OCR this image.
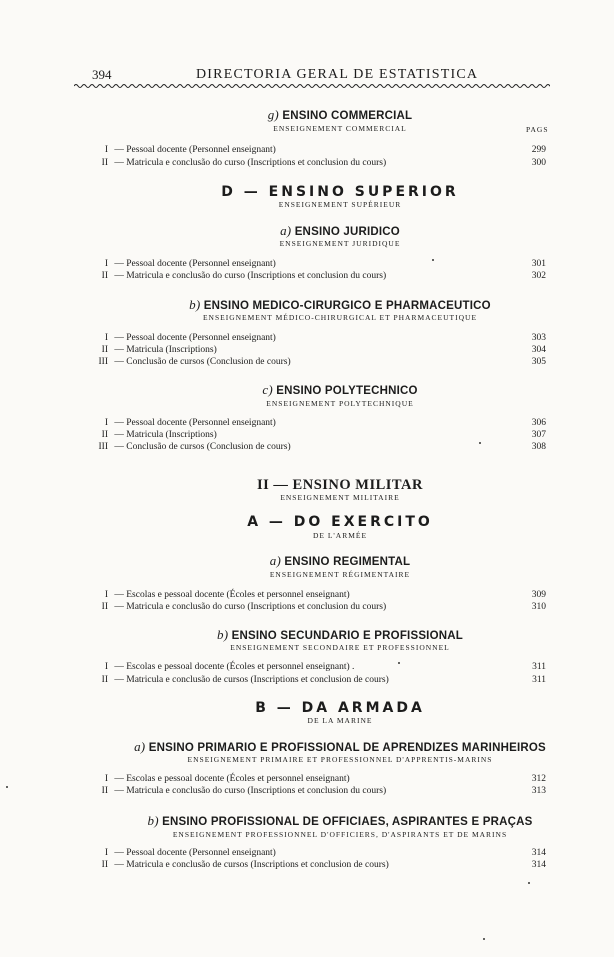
394	DIRECTORIA GERAL DE ESTATISTICA
PAGS
g) ENSINO COMMERCIAL
ENSEIGNEMENT COMMERCIAL
I — Pessoal docente (Personnel enseignant)	299
II — Matricula e conclusão do curso (Inscriptions et conclusion du cours)	300
D — ENSINO SUPERIOR
ENSEIGNEMENT SUPÉRIEUR
a) ENSINO JURIDICO
ENSEIGNEMENT JURIDIQUE
I — Pessoal docente (Personnel enseignant)	301
II — Matricula e conclusão do curso (Inscriptions et conclusion du cours)	302
b) ENSINO MEDICO-CIRURGICO E PHARMACEUTICO
ENSEIGNEMENT MÉDICO-CHIRURGICAL ET PHARMACEUTIQUE
I — Pessoal docente (Personnel enseignant)	303
II — Matricula (Inscriptions)	304
III — Conclusão de cursos (Conclusion de cours)	305
c) ENSINO POLYTECHNICO
ENSEIGNEMENT POLYTECHNIQUE
I — Pessoal docente (Personnel enseignant)	306
II — Matricula (Inscriptions)	307
III — Conclusão de cursos (Conclusion de cours)	308
II — ENSINO MILITAR
ENSEIGNEMENT MILITAIRE
A — DO EXERCITO
DE L'ARMÉE
a) ENSINO REGIMENTAL
ENSEIGNEMENT RÉGIMENTAIRE
I — Escolas e pessoal docente (Écoles et personnel enseignant)	309
II — Matricula e conclusão do curso (Inscriptions et conclusion du cours)	310
b) ENSINO SECUNDARIO E PROFISSIONAL
ENSEIGNEMENT SECONDAIRE ET PROFESSIONNEL
I — Escolas e pessoal docente (Écoles et personnel enseignant) .	311
II — Matricula e conclusão de cursos (Inscriptions et conclusion de cours)	311
B — DA ARMADA
DE LA MARINE
a) ENSINO PRIMARIO E PROFISSIONAL DE APRENDIZES MARINHEIROS
ENSEIGNEMENT PRIMAIRE ET PROFESSIONNEL D'APPRENTIS-MARINS
I — Escolas e pessoal docente (Écoles et personnel enseignant)	312
II — Matricula e conclusão do curso (Inscriptions et conclusion du cours)	313
b) ENSINO PROFISSIONAL DE OFFICIAES, ASPIRANTES E PRAÇAS
ENSEIGNEMENT PROFESSIONNEL D'OFFICIERS, D'ASPIRANTS ET DE MARINS
I — Pessoal docente (Personnel enseignant)	314
II — Matricula e conclusão de cursos (Inscriptions et conclusion de cours)	314
